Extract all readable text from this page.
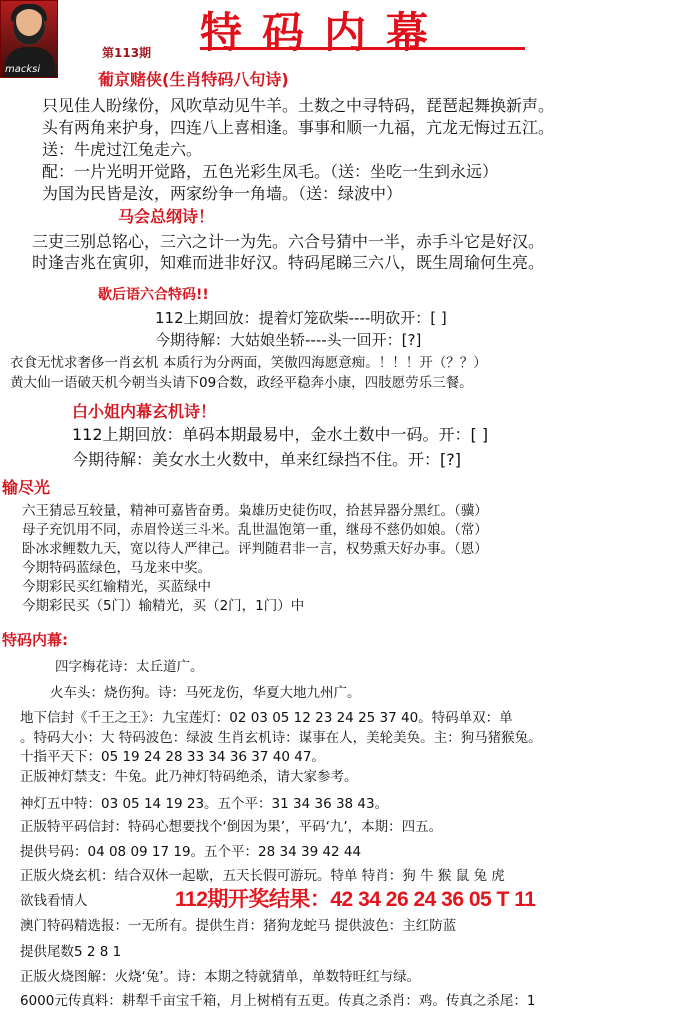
macksi
特码内幕
第113期
葡京赌侠(生肖特码八句诗)
只见佳人盼缘份，风吹草动见牛羊。土数之中寻特码，琵琶起舞换新声。
头有两角来护身，四连八上喜相逢。事事和顺一九福，亢龙无悔过五江。
送：牛虎过江兔走六。
配：一片光明开觉路，五色光彩生凤毛。（送：坐吃一生到永远）
为国为民皆是汝，两家纷争一角墙。（送：绿波中）
马会总纲诗！
三吏三别总铭心，三六之计一为先。六合号猜中一半，赤手斗它是好汉。
时逢吉兆在寅卯，知难而进非好汉。特码尾睇三六八，既生周瑜何生亮。
歇后语六合特码!!
112上期回放：提着灯笼砍柴----明砍开：[ ]
今期待解：大姑娘坐轿----头一回开：[?]
衣食无忧求奢侈一肖玄机 本质行为分两面，笑傲四海愿意痴。！！！开（？？）
黄大仙一语破天机今朝当头请下09合数，政经平稳奔小康，四肢愿劳乐三餐。
白小姐内幕玄机诗！
112上期回放：单码本期最易中，金水土数中一码。开：[ ]
今期待解：美女水土火数中，单来红绿挡不住。开：[?]
输尽光
六王猜忌互较量，精神可嘉皆奋勇。枭雄历史徒伤叹，拾甚异器分黑红。（骥）
母子充饥用不同，赤眉怜送三斗米。乱世温饱第一重，继母不慈仍如娘。（常）
卧冰求鲤数九天，宽以待人严律己。评判随君非一言，权势熏天好办事。（恩）
今期特码蓝绿色，马龙来中奖。
今期彩民买红输精光，买蓝绿中
今期彩民买（5门）输精光，买（2门，1门）中
特码内幕:
四字梅花诗：太丘道广。
火车头：烧伤狗。诗：马死龙伤，华夏大地九州广。
地下信封《千王之王》：九宝莲灯：02 03 05 12 23 24 25 37 40。特码单双：单
。特码大小：大 特码波色：绿波 生肖玄机诗：谋事在人，美轮美奂。主：狗马猪猴兔。
十指平天下：05 19 24 28 33 34 36 37 40 47。
正版神灯禁支：牛兔。此乃神灯特码绝杀，请大家参考。
神灯五中特：03 05 14 19 23。五个平：31 34 36 38 43。
正版特平码信封：特码心想要找个‘倒因为果’，平码‘九’，本期：四五。
提供号码：04 08 09 17 19。五个平：28 34 39 42 44
正版火烧玄机：结合双休一起歇，五天长假可游玩。特单 特肖：狗 牛 猴 鼠 兔 虎
欲钱看情人	112期开奖结果：42 34 26 24 36 05 T 11
澳门特码精选报：一无所有。提供生肖：猪狗龙蛇马 提供波色：主红防蓝
提供尾数5 2 8 1
正版火烧图解：火烧‘兔’。诗：本期之特就猜单，单数特旺红与绿。
6000元传真料：耕犁千亩宝千箱，月上树梢有五更。传真之杀肖：鸡。传真之杀尾：1
